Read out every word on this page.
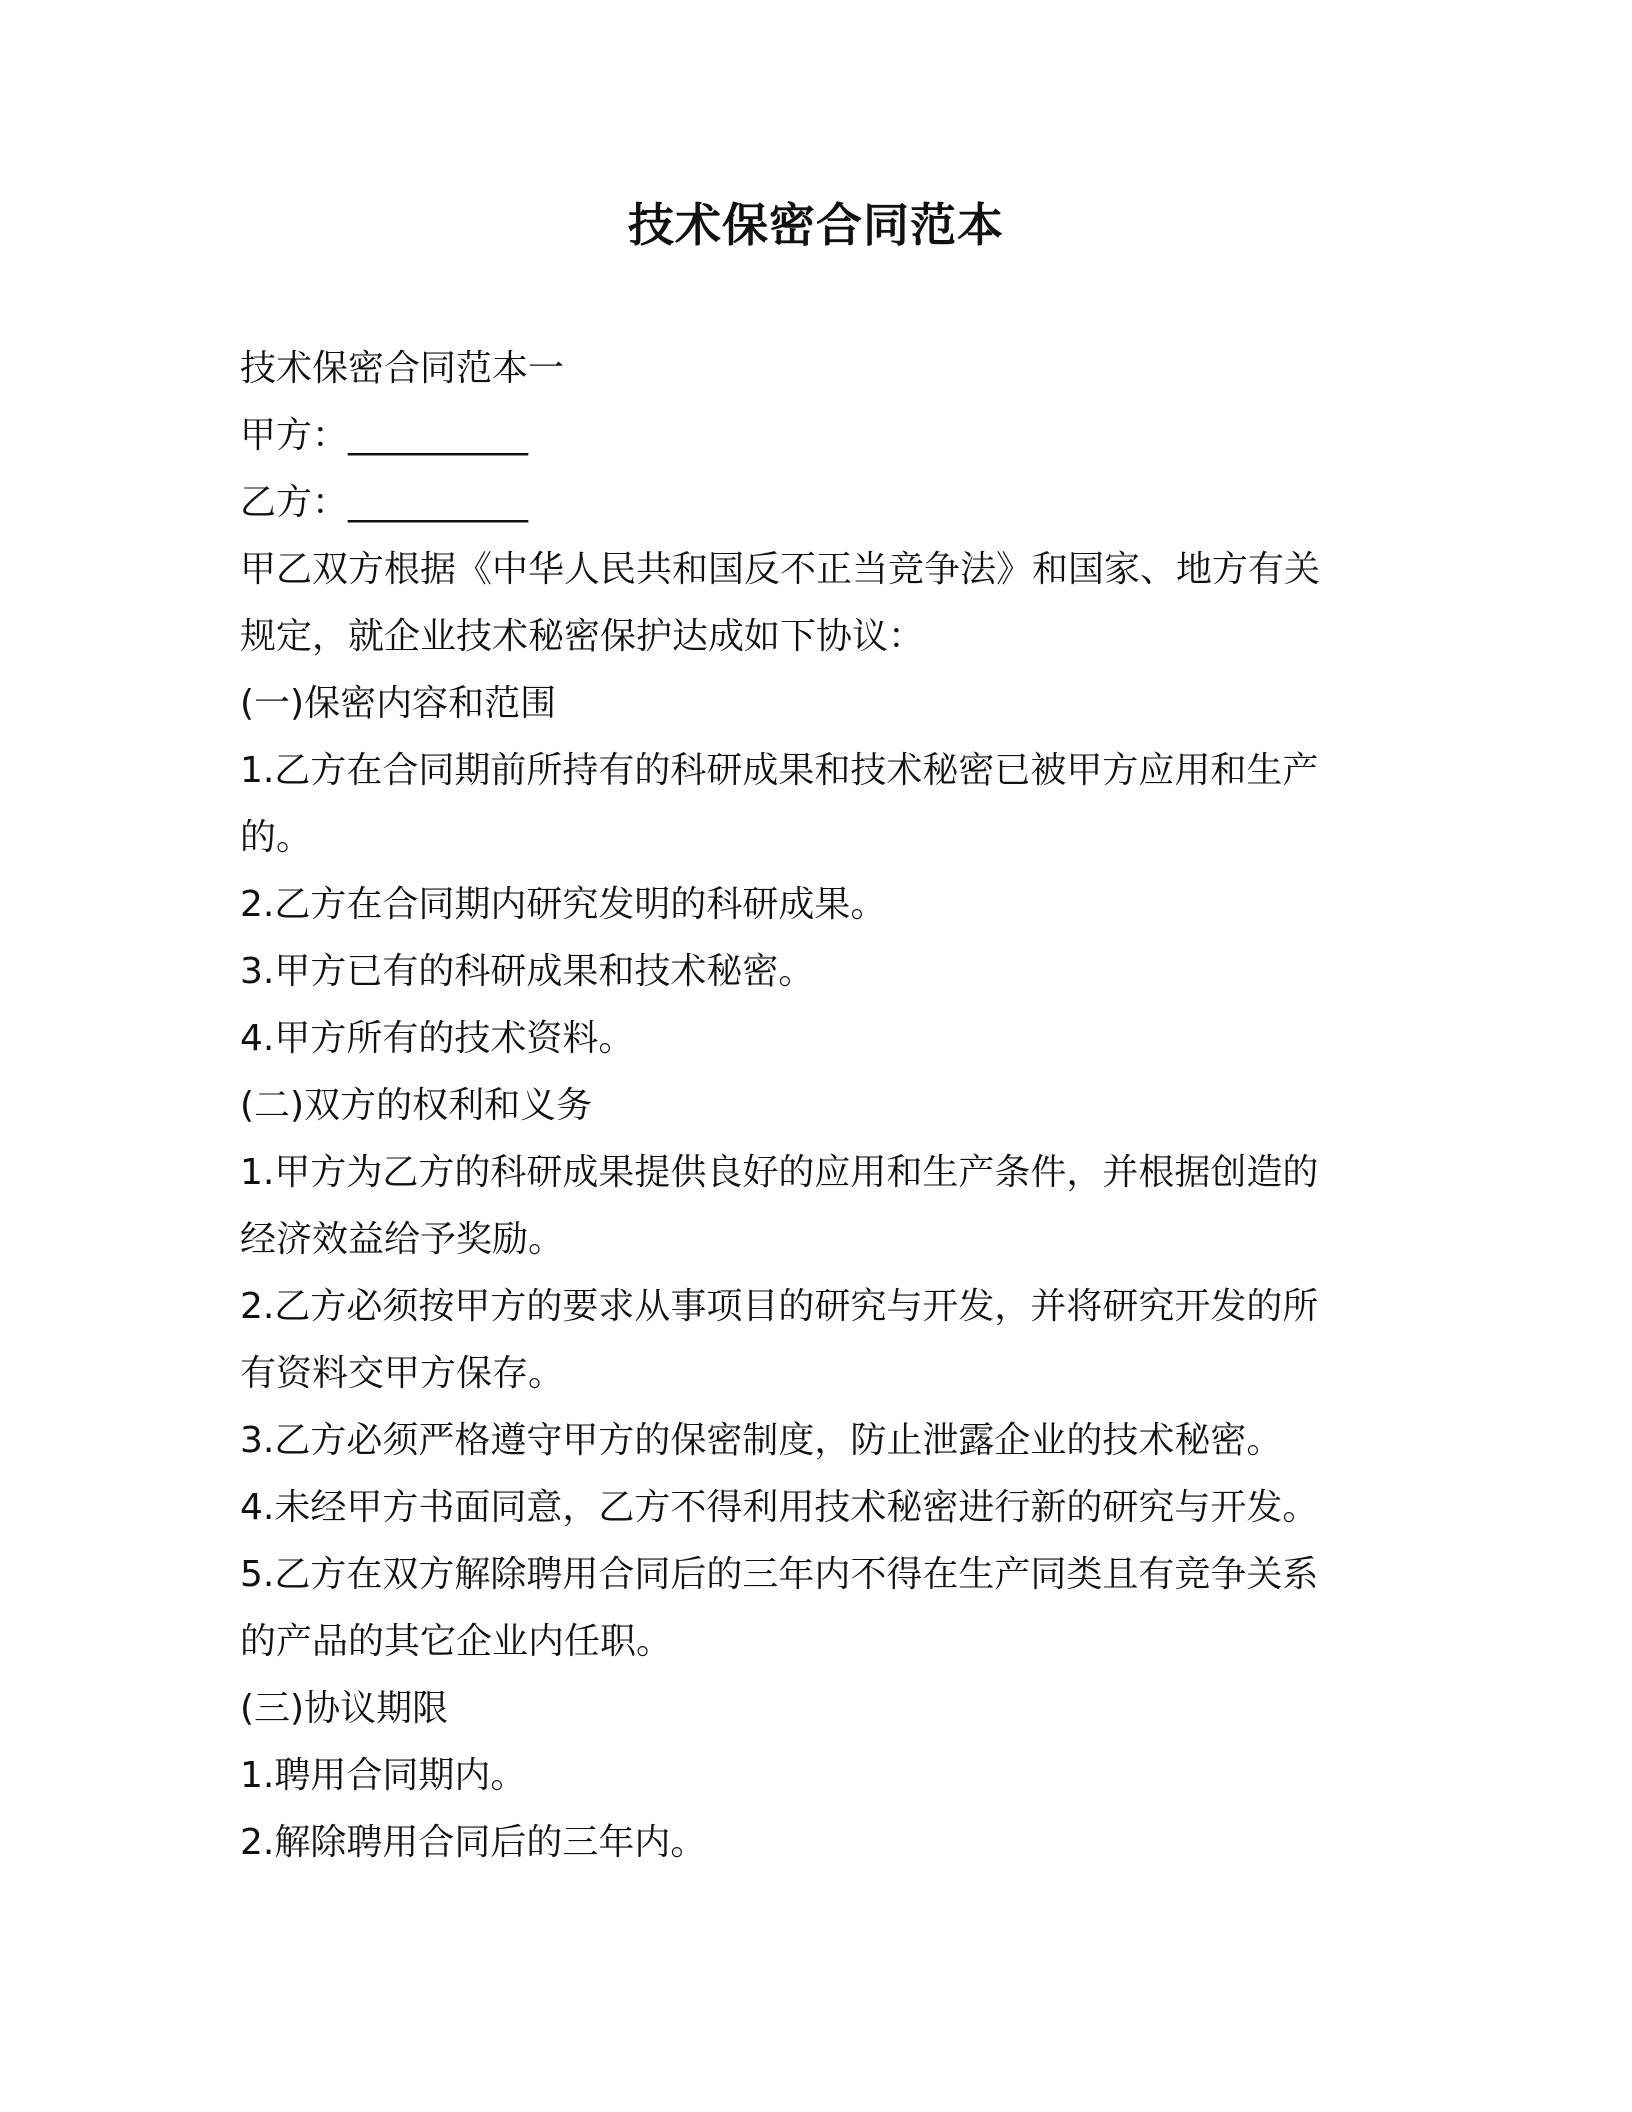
技术保密合同范本

技术保密合同范本一

甲方：__________

乙方：__________

甲乙双方根据《中华人民共和国反不正当竞争法》和国家、地方有关

规定，就企业技术秘密保护达成如下协议：

(一)保密内容和范围

1.乙方在合同期前所持有的科研成果和技术秘密已被甲方应用和生产

的。

2.乙方在合同期内研究发明的科研成果。

3.甲方已有的科研成果和技术秘密。

4.甲方所有的技术资料。

(二)双方的权利和义务

1.甲方为乙方的科研成果提供良好的应用和生产条件，并根据创造的

经济效益给予奖励。

2.乙方必须按甲方的要求从事项目的研究与开发，并将研究开发的所

有资料交甲方保存。

3.乙方必须严格遵守甲方的保密制度，防止泄露企业的技术秘密。

4.未经甲方书面同意，乙方不得利用技术秘密进行新的研究与开发。

5.乙方在双方解除聘用合同后的三年内不得在生产同类且有竞争关系

的产品的其它企业内任职。

(三)协议期限

1.聘用合同期内。

2.解除聘用合同后的三年内。
